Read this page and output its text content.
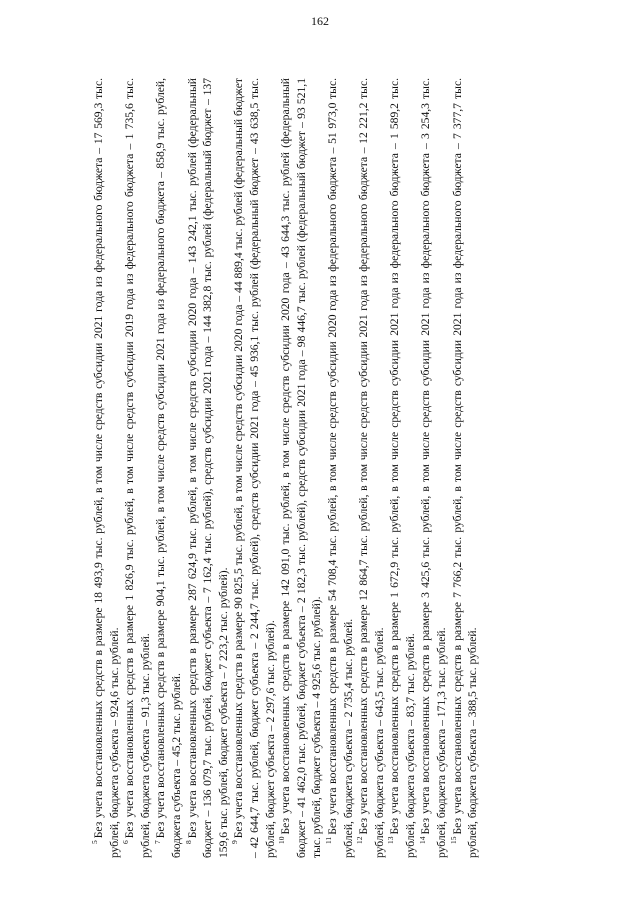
162

$^5$Без учета восстановленных средств в размере 18 493,9 тыс. рублей, в том числе средств субсидии 2021 года из федерального бюджета – 17 569,3 тыс. рублей, бюджета субъекта – 924,6 тыс. рублей. $^6$Без учета восстановленных средств в размере 1 826,9 тыс. рублей, в том числе средств субсидии 2019 года из федерального бюджета – 1 735,6 тыс. рублей, бюджета субъекта – 91,3 тыс. рублей. $^7$Без учета восстановленных средств в размере 904,1 тыс. рублей, в том числе средств субсидии 2021 года из федерального бюджета – 858,9 тыс. рублей, бюджета субъекта – 45,2 тыс. рублей. $^8$Без учета восстановленных средств в размере 287 624,9 тыс. рублей, в том числе средств субсидии 2020 года – 143 242,1 тыс. рублей (федеральный бюджет – 136 079,7 тыс. рублей, бюджет субъекта – 7 162,4 тыс. рублей), средств субсидии 2021 года – 144 382,8 тыс. рублей (федеральный бюджет – 137 159,6 тыс. рублей, бюджет субъекта – 7 223,2 тыс. рублей). $^9$Без учета восстановленных средств в размере 90 825,5 тыс. рублей, в том числе средств субсидии 2020 года – 44 889,4 тыс. рублей (федеральный бюджет – 42 644,7 тыс. рублей, бюджет субъекта – 2 244,7 тыс. рублей), средств субсидии 2021 года – 45 936,1 тыс. рублей (федеральный бюджет – 43 638,5 тыс. рублей, бюджет субъекта – 2 297,6 тыс. рублей). $^{10}$Без учета восстановленных средств в размере 142 091,0 тыс. рублей, в том числе средств субсидии 2020 года – 43 644,3 тыс. рублей (федеральный бюджет – 41 462,0 тыс. рублей, бюджет субъекта – 2 182,3 тыс. рублей), средств субсидии 2021 года – 98 446,7 тыс. рублей (федеральный бюджет – 93 521,1 тыс. рублей, бюджет субъекта – 4 925,6 тыс. рублей). $^{11}$Без учета восстановленных средств в размере 54 708,4 тыс. рублей, в том числе средств субсидии 2020 года из федерального бюджета – 51 973,0 тыс. рублей, бюджета субъекта – 2 735,4 тыс. рублей. $^{12}$Без учета восстановленных средств в размере 12 864,7 тыс. рублей, в том числе средств субсидии 2021 года из федерального бюджета – 12 221,2 тыс. рублей, бюджета субъекта – 643,5 тыс. рублей. $^{13}$Без учета восстановленных средств в размере 1 672,9 тыс. рублей, в том числе средств субсидии 2021 года из федерального бюджета – 1 589,2 тыс. рублей, бюджета субъекта – 83,7 тыс. рублей. $^{14}$Без учета восстановленных средств в размере 3 425,6 тыс. рублей, в том числе средств субсидии 2021 года из федерального бюджета – 3 254,3 тыс. рублей, бюджета субъекта – 171,3 тыс. рублей. $^{15}$Без учета восстановленных средств в размере 7 766,2 тыс. рублей, в том числе средств субсидии 2021 года из федерального бюджета – 7 377,7 тыс. рублей, бюджета субъекта – 388,5 тыс. рублей.
